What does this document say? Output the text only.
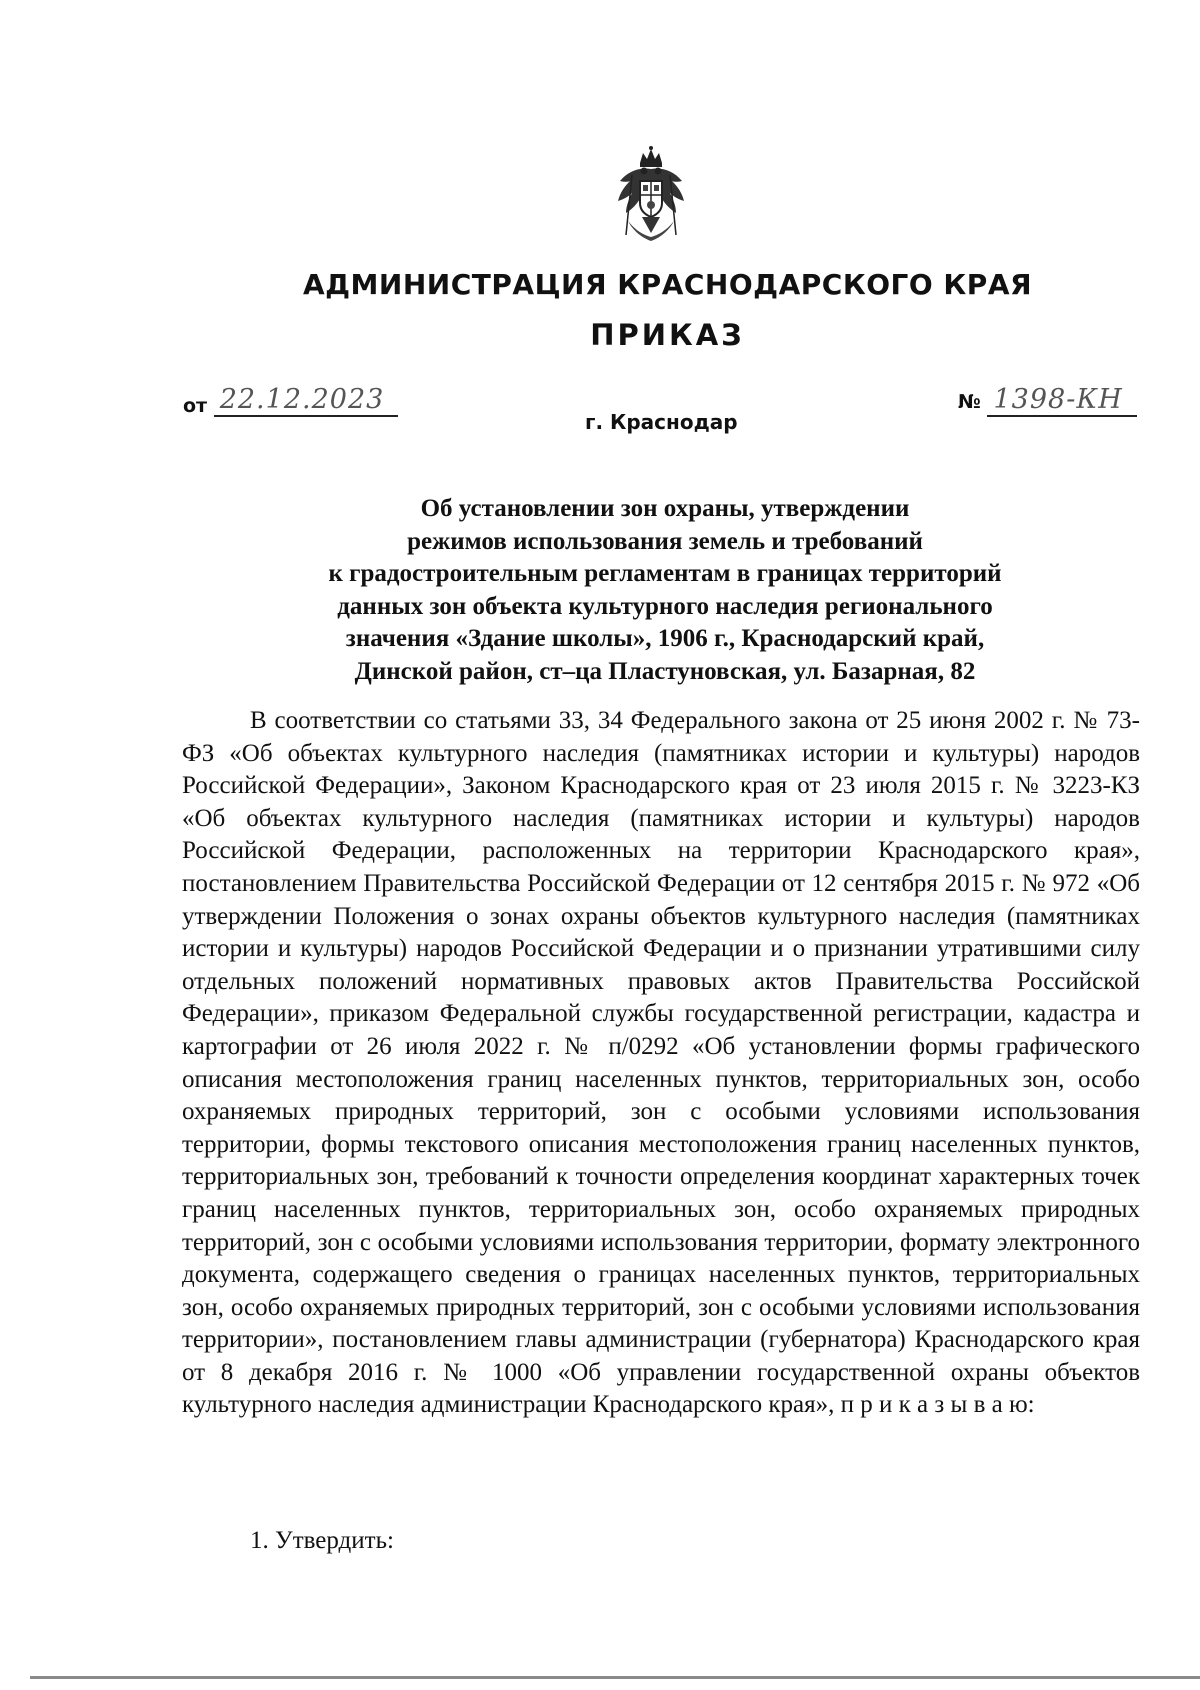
АДМИНИСТРАЦИЯ КРАСНОДАРСКОГО КРАЯ
ПРИКАЗ
от 22.12.2023	№ 1398-КН
г. Краснодар
Об установлении зон охраны, утверждении
режимов использования земель и требований
к градостроительным регламентам в границах территорий
данных зон объекта культурного наследия регионального
значения «Здание школы», 1906 г., Краснодарский край,
Динской район, ст–ца Пластуновская, ул. Базарная, 82

В соответствии со статьями 33, 34 Федерального закона от 25 июня 2002 г. № 73-ФЗ «Об объектах культурного наследия (памятниках истории и культуры) народов Российской Федерации», Законом Краснодарского края от 23 июля 2015 г. № 3223-КЗ «Об объектах культурного наследия (памятниках истории и культуры) народов Российской Федерации, расположенных на территории Краснодарского края», постановлением Правительства Российской Федерации от 12 сентября 2015 г. № 972 «Об утверждении Положения о зонах охраны объектов культурного наследия (памятниках истории и культуры) народов Российской Федерации и о признании утратившими силу отдельных положений нормативных правовых актов Правительства Российской Федерации», приказом Федеральной службы государственной регистрации, кадастра и картографии от 26 июля 2022 г. № п/0292 «Об установлении формы графического описания местоположения границ населенных пунктов, территориальных зон, особо охраняемых природных территорий, зон с особыми условиями использования территории, формы текстового описания местоположения границ населенных пунктов, территориальных зон, требований к точности определения координат характерных точек границ населенных пунктов, территориальных зон, особо охраняемых природных территорий, зон с особыми условиями использования территории, формату электронного документа, содержащего сведения о границах населенных пунктов, территориальных зон, особо охраняемых природных территорий, зон с особыми условиями использования территории», постановлением главы администрации (губернатора) Краснодарского края от 8 декабря 2016 г. № 1000 «Об управлении государственной охраны объектов культурного наследия администрации Краснодарского края», п р и к а з ы в а ю:

1. Утвердить:
